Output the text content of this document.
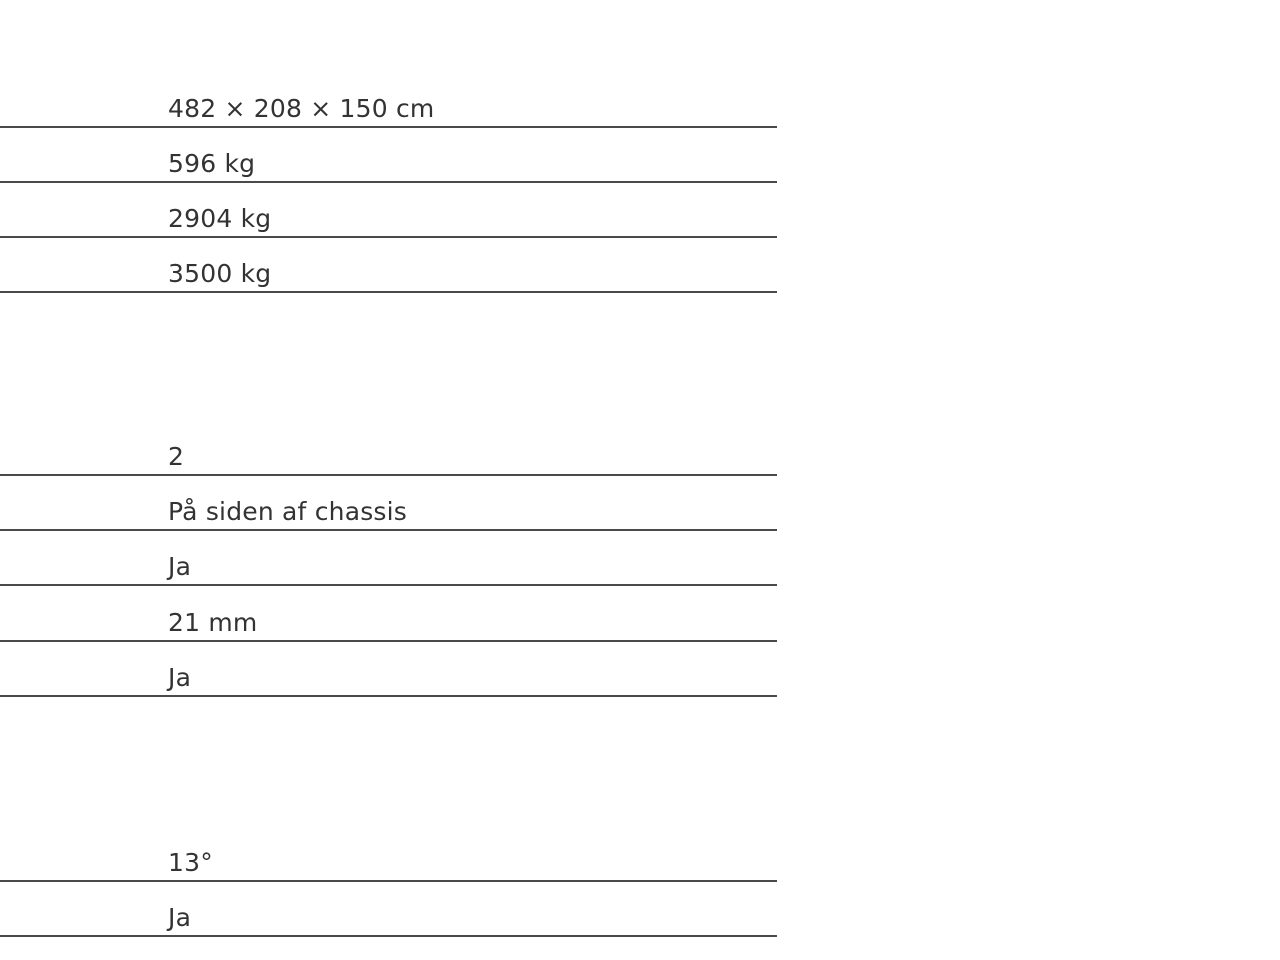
482 × 208 × 150 cm
596 kg
2904 kg
3500 kg
2
På siden af chassis
Ja
21 mm
Ja
13°
Ja
